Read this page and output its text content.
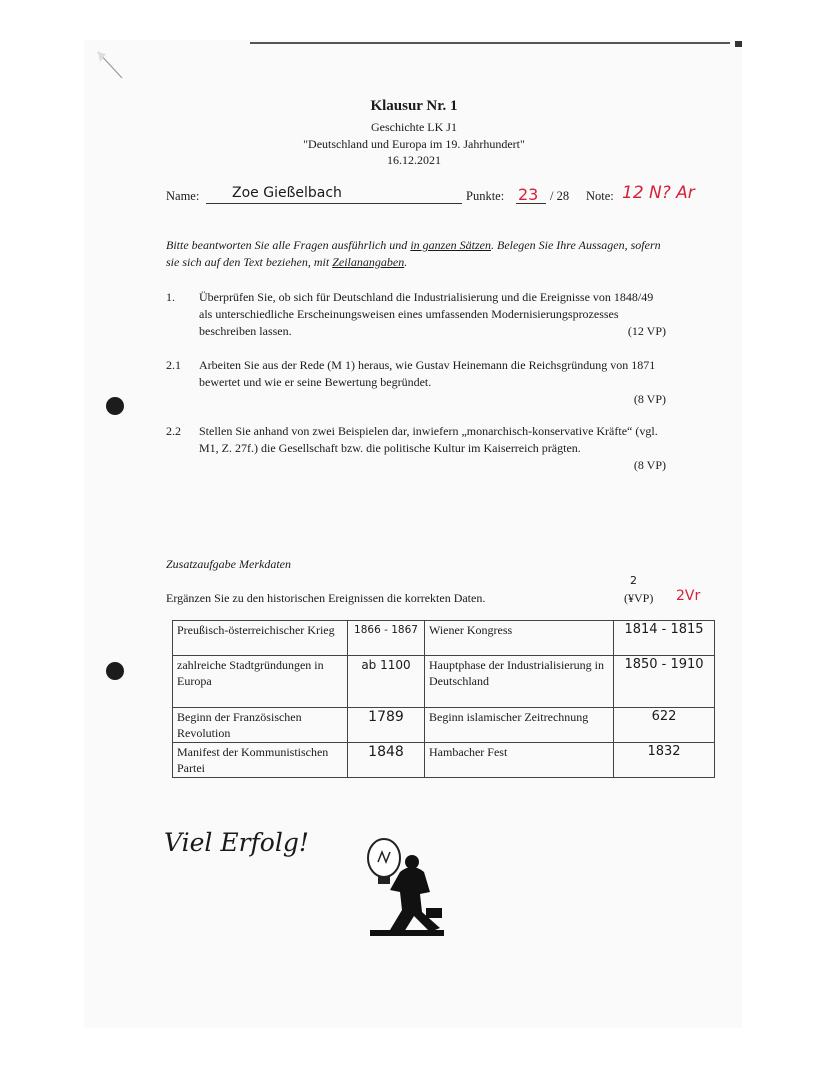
Klausur Nr. 1
Geschichte LK J1
"Deutschland und Europa im 19. Jahrhundert"
16.12.2021
Name: Zoe Gießelbach	Punkte: 23 / 28 Note: 12 N? Ar
Bitte beantworten Sie alle Fragen ausführlich und in ganzen Sätzen. Belegen Sie Ihre Aussagen, sofern sie sich auf den Text beziehen, mit Zeilanangaben.
1. Überprüfen Sie, ob sich für Deutschland die Industrialisierung und die Ereignisse von 1848/49 als unterschiedliche Erscheinungsweisen eines umfassenden Modernisierungsprozesses beschreiben lassen.	(12 VP)
2.1 Arbeiten Sie aus der Rede (M 1) heraus, wie Gustav Heinemann die Reichsgründung von 1871 bewertet und wie er seine Bewertung begründet.
(8 VP)
2.2 Stellen Sie anhand von zwei Beispielen dar, inwiefern „monarchisch-konservative Kräfte“ (vgl. M1, Z. 27f.) die Gesellschaft bzw. die politische Kultur im Kaiserreich prägten.
(8 VP)
Zusatzaufgabe Merkdaten
2
Ergänzen Sie zu den historischen Ereignissen die korrekten Daten.	(¥VP) 2Vr
Preußisch-österreichischer Krieg	1866 - 1867	Wiener Kongress	1814 - 1815
zahlreiche Stadtgründungen in Europa	ab 1100	Hauptphase der Industrialisierung in Deutschland	1850 - 1910
Beginn der Französischen Revolution	1789	Beginn islamischer Zeitrechnung	622
Manifest der Kommunistischen Partei	1848	Hambacher Fest	1832
Viel Erfolg!
